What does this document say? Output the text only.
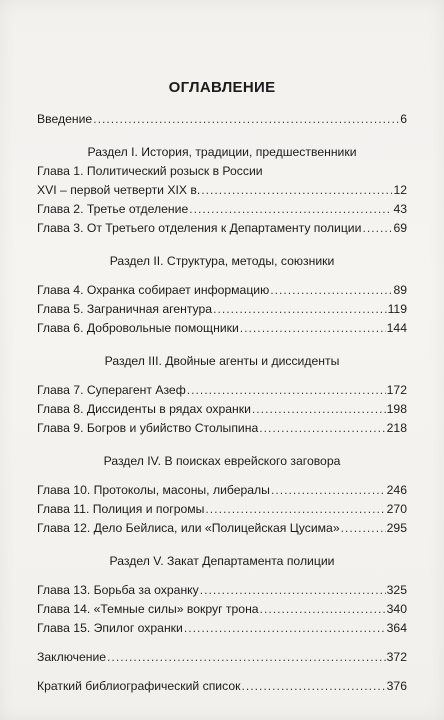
ОГЛАВЛЕНИЕ
Введение .....	6
Раздел I. История, традиции, предшественники
Глава 1. Политический розыск в России
XVI – первой четверти XIX в. .....	12
Глава 2. Третье отделение .....	43
Глава 3. От Третьего отделения к Департаменту полиции .....	69
Раздел II. Структура, методы, союзники
Глава 4. Охранка собирает информацию .....	89
Глава 5. Заграничная агентура .....	119
Глава 6. Добровольные помощники .....	144
Раздел III. Двойные агенты и диссиденты
Глава 7. Суперагент Азеф .....	172
Глава 8. Диссиденты в рядах охранки .....	198
Глава 9. Богров и убийство Столыпина .....	218
Раздел IV. В поисках еврейского заговора
Глава 10. Протоколы, масоны, либералы .....	246
Глава 11. Полиция и погромы .....	270
Глава 12. Дело Бейлиса, или «Полицейская Цусима» .....	295
Раздел V. Закат Департамента полиции
Глава 13. Борьба за охранку .....	325
Глава 14. «Темные силы» вокруг трона .....	340
Глава 15. Эпилог охранки .....	364
Заключение .....	372
Краткий библиографический список .....	376
